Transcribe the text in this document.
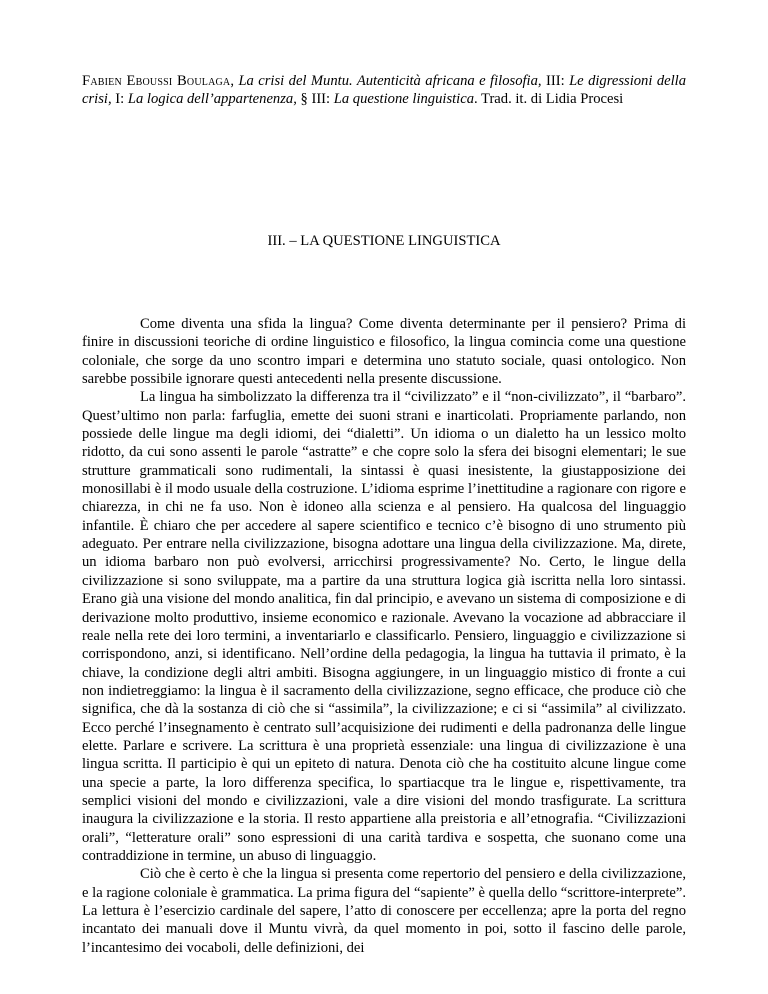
Fabien Eboussi Boulaga, La crisi del Muntu. Autenticità africana e filosofia, III: Le digressioni della crisi, I: La logica dell’appartenenza, § III: La questione linguistica. Trad. it. di Lidia Procesi
III. – LA QUESTIONE LINGUISTICA

Come diventa una sfida la lingua? Come diventa determinante per il pensiero? Prima di finire in discussioni teoriche di ordine linguistico e filosofico, la lingua comincia come una questione coloniale, che sorge da uno scontro impari e determina uno statuto sociale, quasi ontologico. Non sarebbe possibile ignorare questi antecedenti nella presente discussione.

La lingua ha simbolizzato la differenza tra il “civilizzato” e il “non-civilizzato”, il “barbaro”. Quest’ultimo non parla: farfuglia, emette dei suoni strani e inarticolati. Propriamente parlando, non possiede delle lingue ma degli idiomi, dei “dialetti”. Un idioma o un dialetto ha un lessico molto ridotto, da cui sono assenti le parole “astratte” e che copre solo la sfera dei bisogni elementari; le sue strutture grammaticali sono rudimentali, la sintassi è quasi inesistente, la giustapposizione dei monosillabi è il modo usuale della costruzione. L’idioma esprime l’inettitudine a ragionare con rigore e chiarezza, in chi ne fa uso. Non è idoneo alla scienza e al pensiero. Ha qualcosa del linguaggio infantile. È chiaro che per accedere al sapere scientifico e tecnico c’è bisogno di uno strumento più adeguato. Per entrare nella civilizzazione, bisogna adottare una lingua della civilizzazione. Ma, direte, un idioma barbaro non può evolversi, arricchirsi progressivamente? No. Certo, le lingue della civilizzazione si sono sviluppate, ma a partire da una struttura logica già iscritta nella loro sintassi. Erano già una visione del mondo analitica, fin dal principio, e avevano un sistema di composizione e di derivazione molto produttivo, insieme economico e razionale. Avevano la vocazione ad abbracciare il reale nella rete dei loro termini, a inventariarlo e classificarlo. Pensiero, linguaggio e civilizzazione si corrispondono, anzi, si identificano. Nell’ordine della pedagogia, la lingua ha tuttavia il primato, è la chiave, la condizione degli altri ambiti. Bisogna aggiungere, in un linguaggio mistico di fronte a cui non indietreggiamo: la lingua è il sacramento della civilizzazione, segno efficace, che produce ciò che significa, che dà la sostanza di ciò che si “assimila”, la civilizzazione; e ci si “assimila” al civilizzato. Ecco perché l’insegnamento è centrato sull’acquisizione dei rudimenti e della padronanza delle lingue elette. Parlare e scrivere. La scrittura è una proprietà essenziale: una lingua di civilizzazione è una lingua scritta. Il participio è qui un epiteto di natura. Denota ciò che ha costituito alcune lingue come una specie a parte, la loro differenza specifica, lo spartiacque tra le lingue e, rispettivamente, tra semplici visioni del mondo e civilizzazioni, vale a dire visioni del mondo trasfigurate. La scrittura inaugura la civilizzazione e la storia. Il resto appartiene alla preistoria e all’etnografia. “Civilizzazioni orali”, “letterature orali” sono espressioni di una carità tardiva e sospetta, che suonano come una contraddizione in termine, un abuso di linguaggio.

Ciò che è certo è che la lingua si presenta come repertorio del pensiero e della civilizzazione, e la ragione coloniale è grammatica. La prima figura del “sapiente” è quella dello “scrittore-interprete”. La lettura è l’esercizio cardinale del sapere, l’atto di conoscere per eccellenza; apre la porta del regno incantato dei manuali dove il Muntu vivrà, da quel momento in poi, sotto il fascino delle parole, l’incantesimo dei vocaboli, delle definizioni, dei
